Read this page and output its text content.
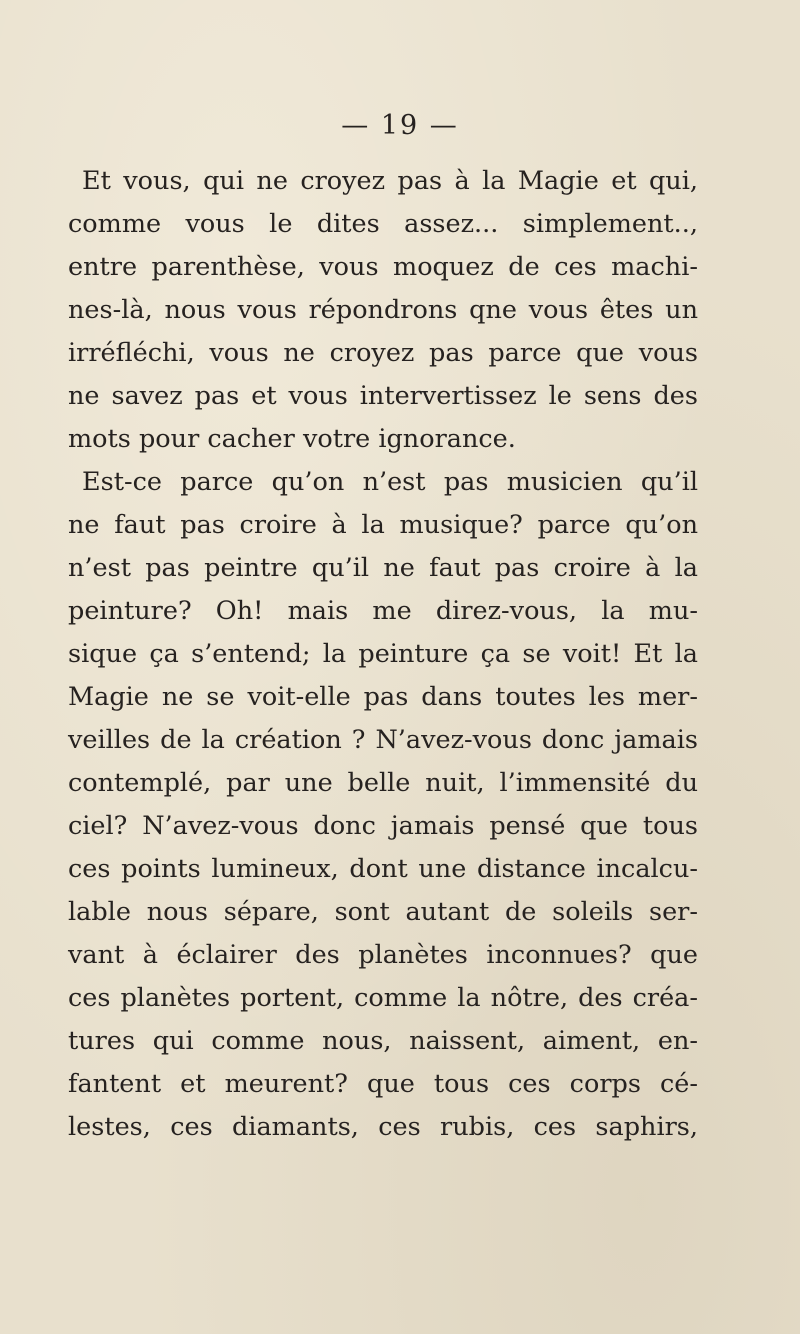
— 19 —
Et vous, qui ne croyez pas à la Magie et qui,
comme vous le dites assez... simplement..,
entre parenthèse, vous moquez de ces machi-
nes-là, nous vous répondrons qne vous êtes un
irréfléchi, vous ne croyez pas parce que vous
ne savez pas et vous intervertissez le sens des
mots pour cacher votre ignorance.
Est-ce parce qu’on n’est pas musicien qu’il
ne faut pas croire à la musique? parce qu’on
n’est pas peintre qu’il ne faut pas croire à la
peinture? Oh! mais me direz-vous, la mu-
sique ça s’entend; la peinture ça se voit! Et la
Magie ne se voit-elle pas dans toutes les mer-
veilles de la création ? N’avez-vous donc jamais
contemplé, par une belle nuit, l’immensité du
ciel? N’avez-vous donc jamais pensé que tous
ces points lumineux, dont une distance incalcu-
lable nous sépare, sont autant de soleils ser-
vant à éclairer des planètes inconnues? que
ces planètes portent, comme la nôtre, des créa-
tures qui comme nous, naissent, aiment, en-
fantent et meurent? que tous ces corps cé-
lestes, ces diamants, ces rubis, ces saphirs,
